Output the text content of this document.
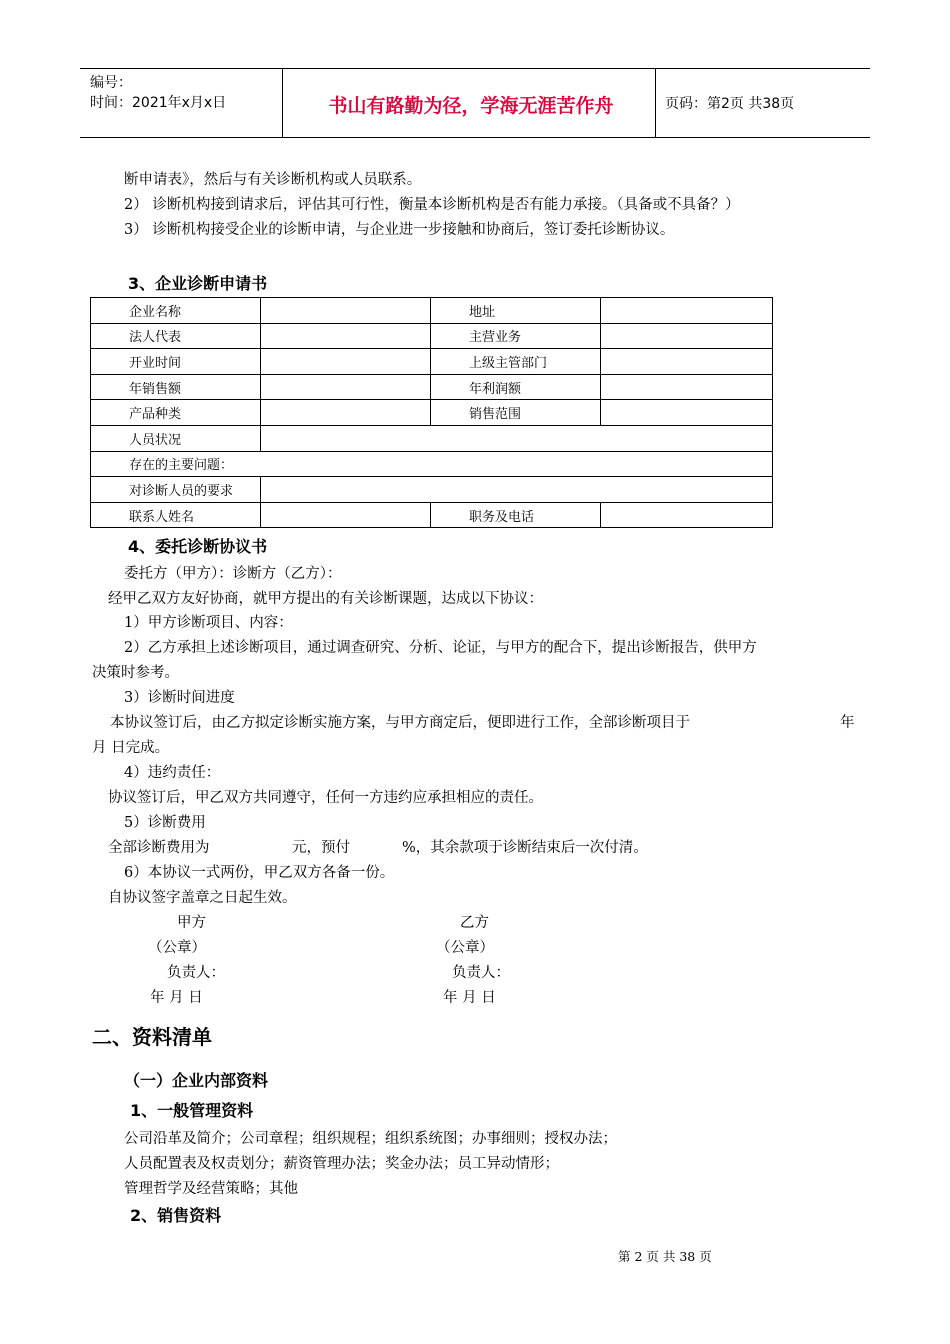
编号：
时间：2021年x月x日	书山有路勤为径，学海无涯苦作舟	页码：第2页 共38页
断申请表》，然后与有关诊断机构或人员联系。
2） 诊断机构接到请求后，评估其可行性，衡量本诊断机构是否有能力承接。（具备或不具备？）
3） 诊断机构接受企业的诊断申请，与企业进一步接触和协商后，签订委托诊断协议。
3、企业诊断申请书
企业名称		地址	
法人代表		主营业务	
开业时间		上级主管部门	
年销售额		年利润额	
产品种类		销售范围	
人员状况			
存在的主要问题：			
对诊断人员的要求			
联系人姓名		职务及电话	
4、委托诊断协议书
委托方（甲方）：诊断方（乙方）：
经甲乙双方友好协商，就甲方提出的有关诊断课题，达成以下协议：
1）甲方诊断项目、内容：
2）乙方承担上述诊断项目，通过调查研究、分析、论证，与甲方的配合下，提出诊断报告，供甲方
决策时参考。
3）诊断时间进度
本协议签订后，由乙方拟定诊断实施方案，与甲方商定后，便即进行工作，全部诊断项目于	年
月 日完成。
4）违约责任：
协议签订后，甲乙双方共同遵守，任何一方违约应承担相应的责任。
5）诊断费用
全部诊断费用为	元，预付	%，其余款项于诊断结束后一次付清。
6）本协议一式两份，甲乙双方各备一份。
自协议签字盖章之日起生效。
甲方	乙方
（公章）	（公章）
负责人：	负责人：
年 月 日	年 月 日
二、资料清单
（一）企业内部资料
1、一般管理资料
公司沿革及简介；公司章程；组织规程；组织系统图；办事细则；授权办法；
人员配置表及权责划分；薪资管理办法；奖金办法；员工异动情形；
管理哲学及经营策略；其他
2、销售资料
第 2 页 共 38 页
